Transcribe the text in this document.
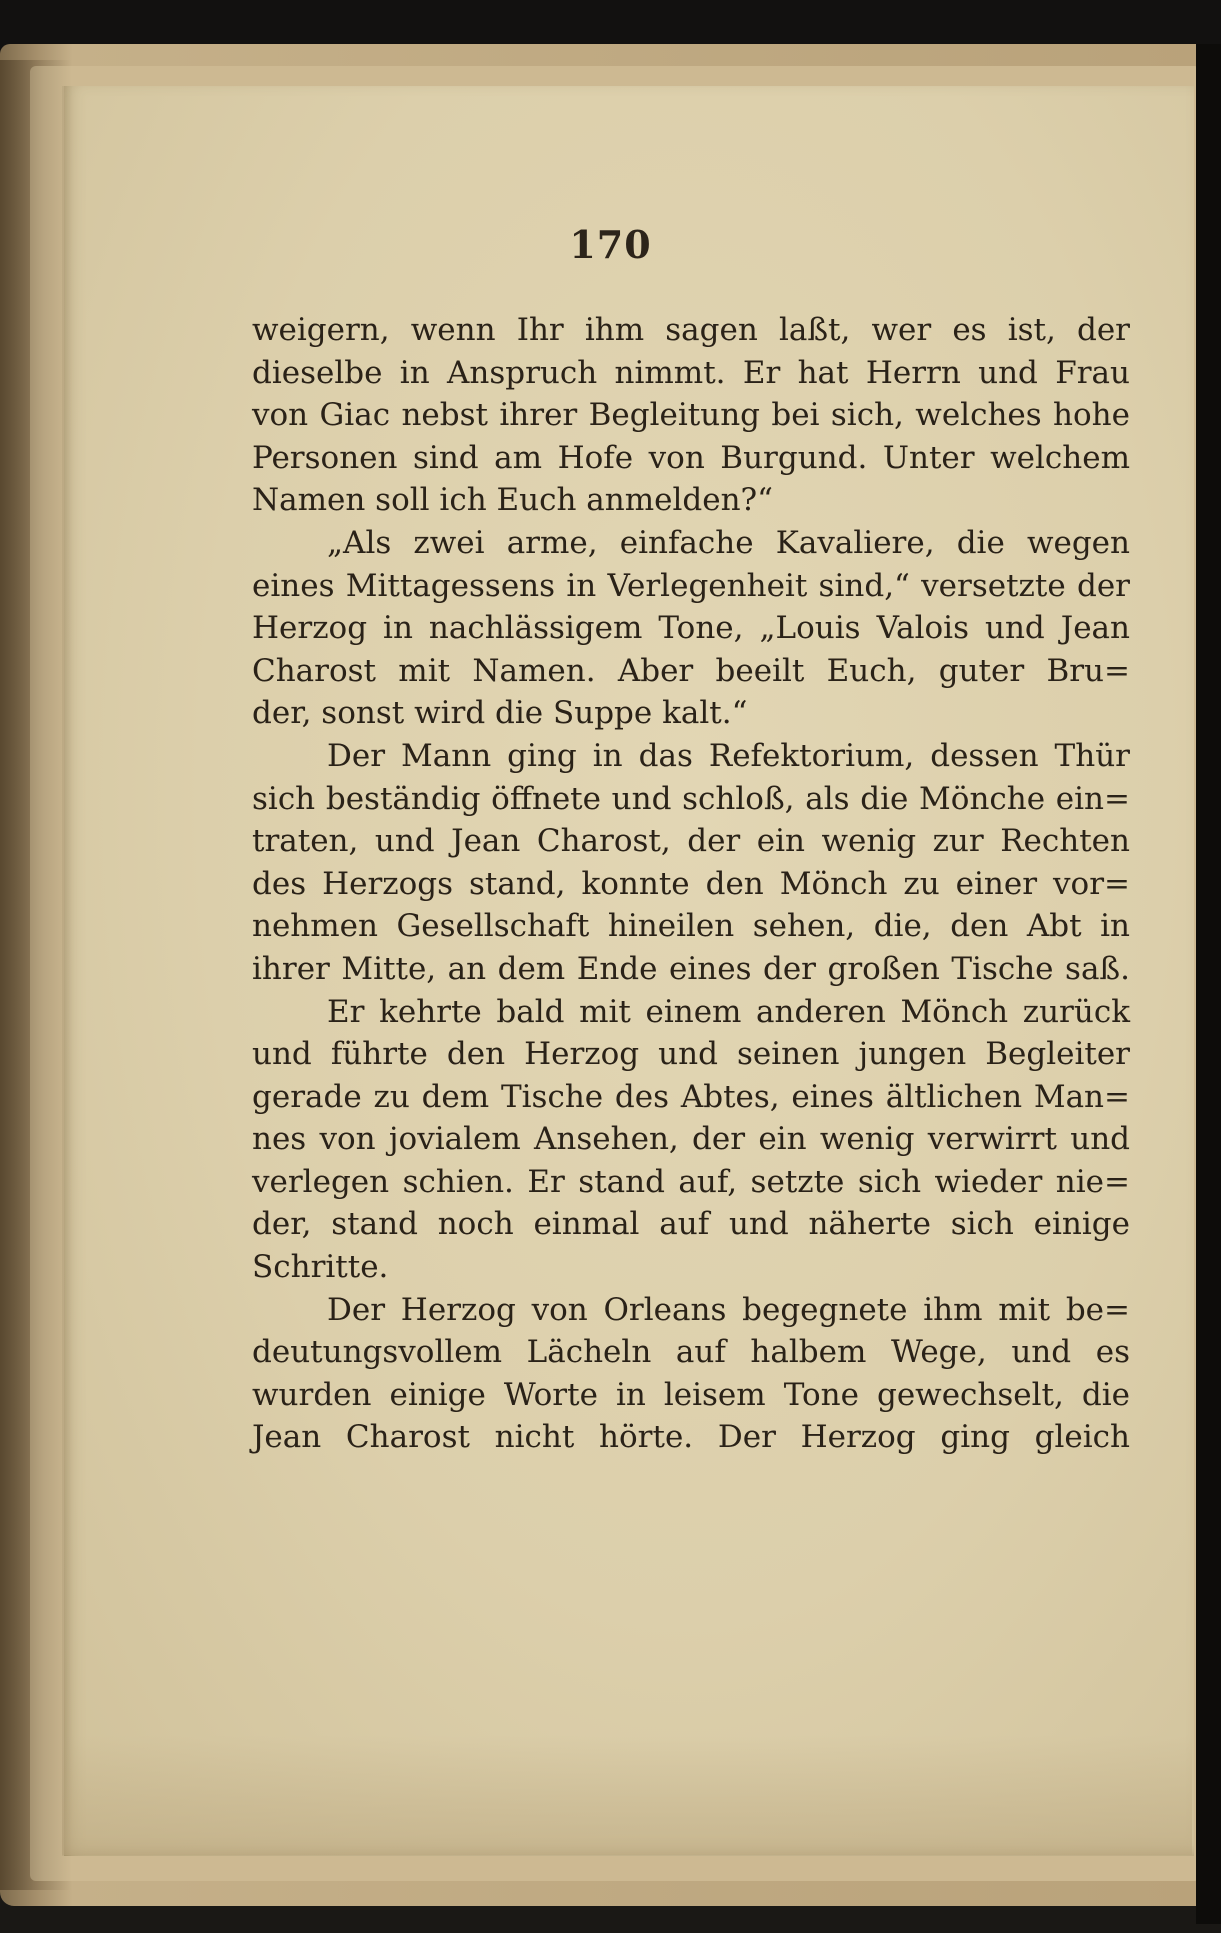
170
weigern, wenn Ihr ihm sagen laßt, wer es ist, der
dieselbe in Anspruch nimmt. Er hat Herrn und Frau
von Giac nebst ihrer Begleitung bei sich, welches hohe
Personen sind am Hofe von Burgund. Unter welchem
Namen soll ich Euch anmelden?“
„Als zwei arme, einfache Kavaliere, die wegen
eines Mittagessens in Verlegenheit sind,“ versetzte der
Herzog in nachlässigem Tone, „Louis Valois und Jean
Charost mit Namen. Aber beeilt Euch, guter Bru=
der, sonst wird die Suppe kalt.“
Der Mann ging in das Refektorium, dessen Thür
sich beständig öffnete und schloß, als die Mönche ein=
traten, und Jean Charost, der ein wenig zur Rechten
des Herzogs stand, konnte den Mönch zu einer vor=
nehmen Gesellschaft hineilen sehen, die, den Abt in
ihrer Mitte, an dem Ende eines der großen Tische saß.
Er kehrte bald mit einem anderen Mönch zurück
und führte den Herzog und seinen jungen Begleiter
gerade zu dem Tische des Abtes, eines ältlichen Man=
nes von jovialem Ansehen, der ein wenig verwirrt und
verlegen schien. Er stand auf, setzte sich wieder nie=
der, stand noch einmal auf und näherte sich einige
Schritte.
Der Herzog von Orleans begegnete ihm mit be=
deutungsvollem Lächeln auf halbem Wege, und es
wurden einige Worte in leisem Tone gewechselt, die
Jean Charost nicht hörte. Der Herzog ging gleich
